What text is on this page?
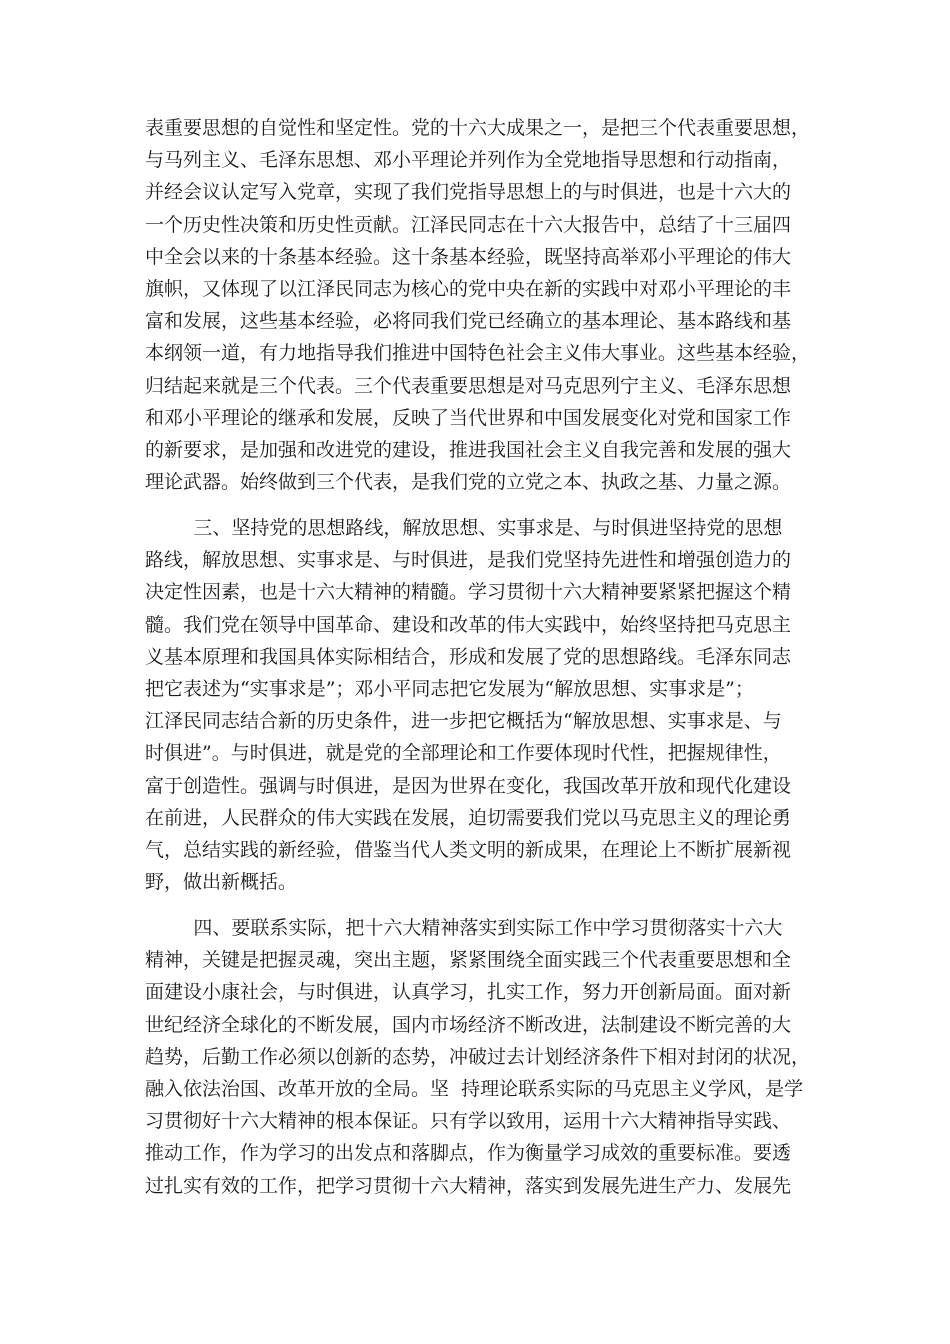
表重要思想的自觉性和坚定性。党的十六大成果之一，是把三个代表重要思想，
与马列主义、毛泽东思想、邓小平理论并列作为全党地指导思想和行动指南，
并经会议认定写入党章，实现了我们党指导思想上的与时俱进，也是十六大的
一个历史性决策和历史性贡献。江泽民同志在十六大报告中，总结了十三届四
中全会以来的十条基本经验。这十条基本经验，既坚持高举邓小平理论的伟大
旗帜，又体现了以江泽民同志为核心的党中央在新的实践中对邓小平理论的丰
富和发展，这些基本经验，必将同我们党已经确立的基本理论、基本路线和基
本纲领一道，有力地指导我们推进中国特色社会主义伟大事业。这些基本经验，
归结起来就是三个代表。三个代表重要思想是对马克思列宁主义、毛泽东思想
和邓小平理论的继承和发展，反映了当代世界和中国发展变化对党和国家工作
的新要求，是加强和改进党的建设，推进我国社会主义自我完善和发展的强大
理论武器。始终做到三个代表，是我们党的立党之本、执政之基、力量之源。
三、坚持党的思想路线，解放思想、实事求是、与时俱进坚持党的思想
路线，解放思想、实事求是、与时俱进，是我们党坚持先进性和增强创造力的
决定性因素，也是十六大精神的精髓。学习贯彻十六大精神要紧紧把握这个精
髓。我们党在领导中国革命、建设和改革的伟大实践中，始终坚持把马克思主
义基本原理和我国具体实际相结合，形成和发展了党的思想路线。毛泽东同志
把它表述为“实事求是”；邓小平同志把它发展为“解放思想、实事求是”；
江泽民同志结合新的历史条件，进一步把它概括为“解放思想、实事求是、与
时俱进”。与时俱进，就是党的全部理论和工作要体现时代性，把握规律性，
富于创造性。强调与时俱进，是因为世界在变化，我国改革开放和现代化建设
在前进，人民群众的伟大实践在发展，迫切需要我们党以马克思主义的理论勇
气，总结实践的新经验，借鉴当代人类文明的新成果，在理论上不断扩展新视
野，做出新概括。
四、要联系实际，把十六大精神落实到实际工作中学习贯彻落实十六大
精神，关键是把握灵魂，突出主题，紧紧围绕全面实践三个代表重要思想和全
面建设小康社会，与时俱进，认真学习，扎实工作，努力开创新局面。面对新
世纪经济全球化的不断发展，国内市场经济不断改进，法制建设不断完善的大
趋势，后勤工作必须以创新的态势，冲破过去计划经济条件下相对封闭的状况，
融入依法治国、改革开放的全局。坚  持理论联系实际的马克思主义学风，是学
习贯彻好十六大精神的根本保证。只有学以致用，运用十六大精神指导实践、
推动工作，作为学习的出发点和落脚点，作为衡量学习成效的重要标准。要透
过扎实有效的工作，把学习贯彻十六大精神，落实到发展先进生产力、发展先
